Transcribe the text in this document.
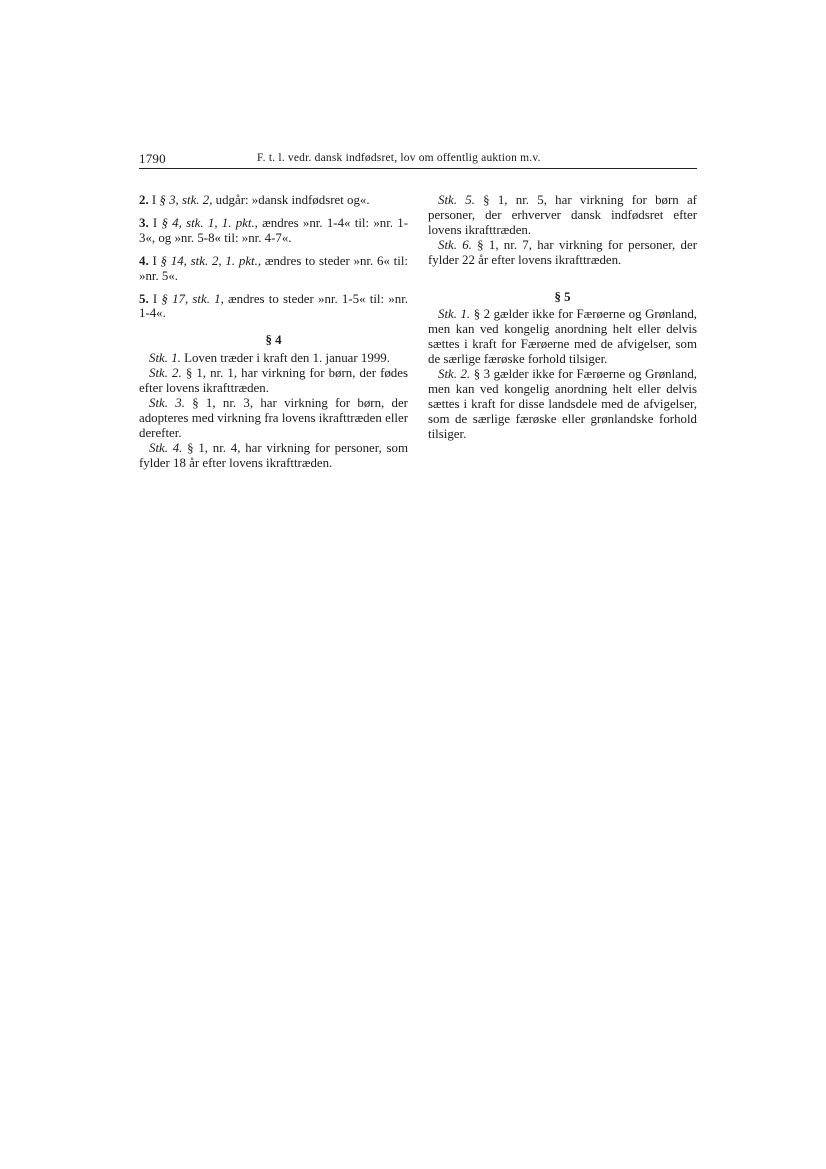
1790	F. t. l. vedr. dansk indfødsret, lov om offentlig auktion m.v.

2. I § 3, stk. 2, udgår: »dansk indfødsret og«.

3. I § 4, stk. 1, 1. pkt., ændres »nr. 1-4« til: »nr. 1-3«, og »nr. 5-8« til: »nr. 4-7«.

4. I § 14, stk. 2, 1. pkt., ændres to steder »nr. 6« til: »nr. 5«.

5. I § 17, stk. 1, ændres to steder »nr. 1-5« til: »nr. 1-4«.

§ 4

Stk. 1. Loven træder i kraft den 1. januar 1999.

Stk. 2. § 1, nr. 1, har virkning for børn, der fødes efter lovens ikrafttræden.

Stk. 3. § 1, nr. 3, har virkning for børn, der adopteres med virkning fra lovens ikrafttræden eller derefter.

Stk. 4. § 1, nr. 4, har virkning for personer, som fylder 18 år efter lovens ikrafttræden.

Stk. 5. § 1, nr. 5, har virkning for børn af personer, der erhverver dansk indfødsret efter lovens ikrafttræden.

Stk. 6. § 1, nr. 7, har virkning for personer, der fylder 22 år efter lovens ikrafttræden.

§ 5

Stk. 1. § 2 gælder ikke for Færøerne og Grønland, men kan ved kongelig anordning helt eller delvis sættes i kraft for Færøerne med de afvigelser, som de særlige færøske forhold tilsiger.

Stk. 2. § 3 gælder ikke for Færøerne og Grønland, men kan ved kongelig anordning helt eller delvis sættes i kraft for disse landsdele med de afvigelser, som de særlige færøske eller grønlandske forhold tilsiger.
